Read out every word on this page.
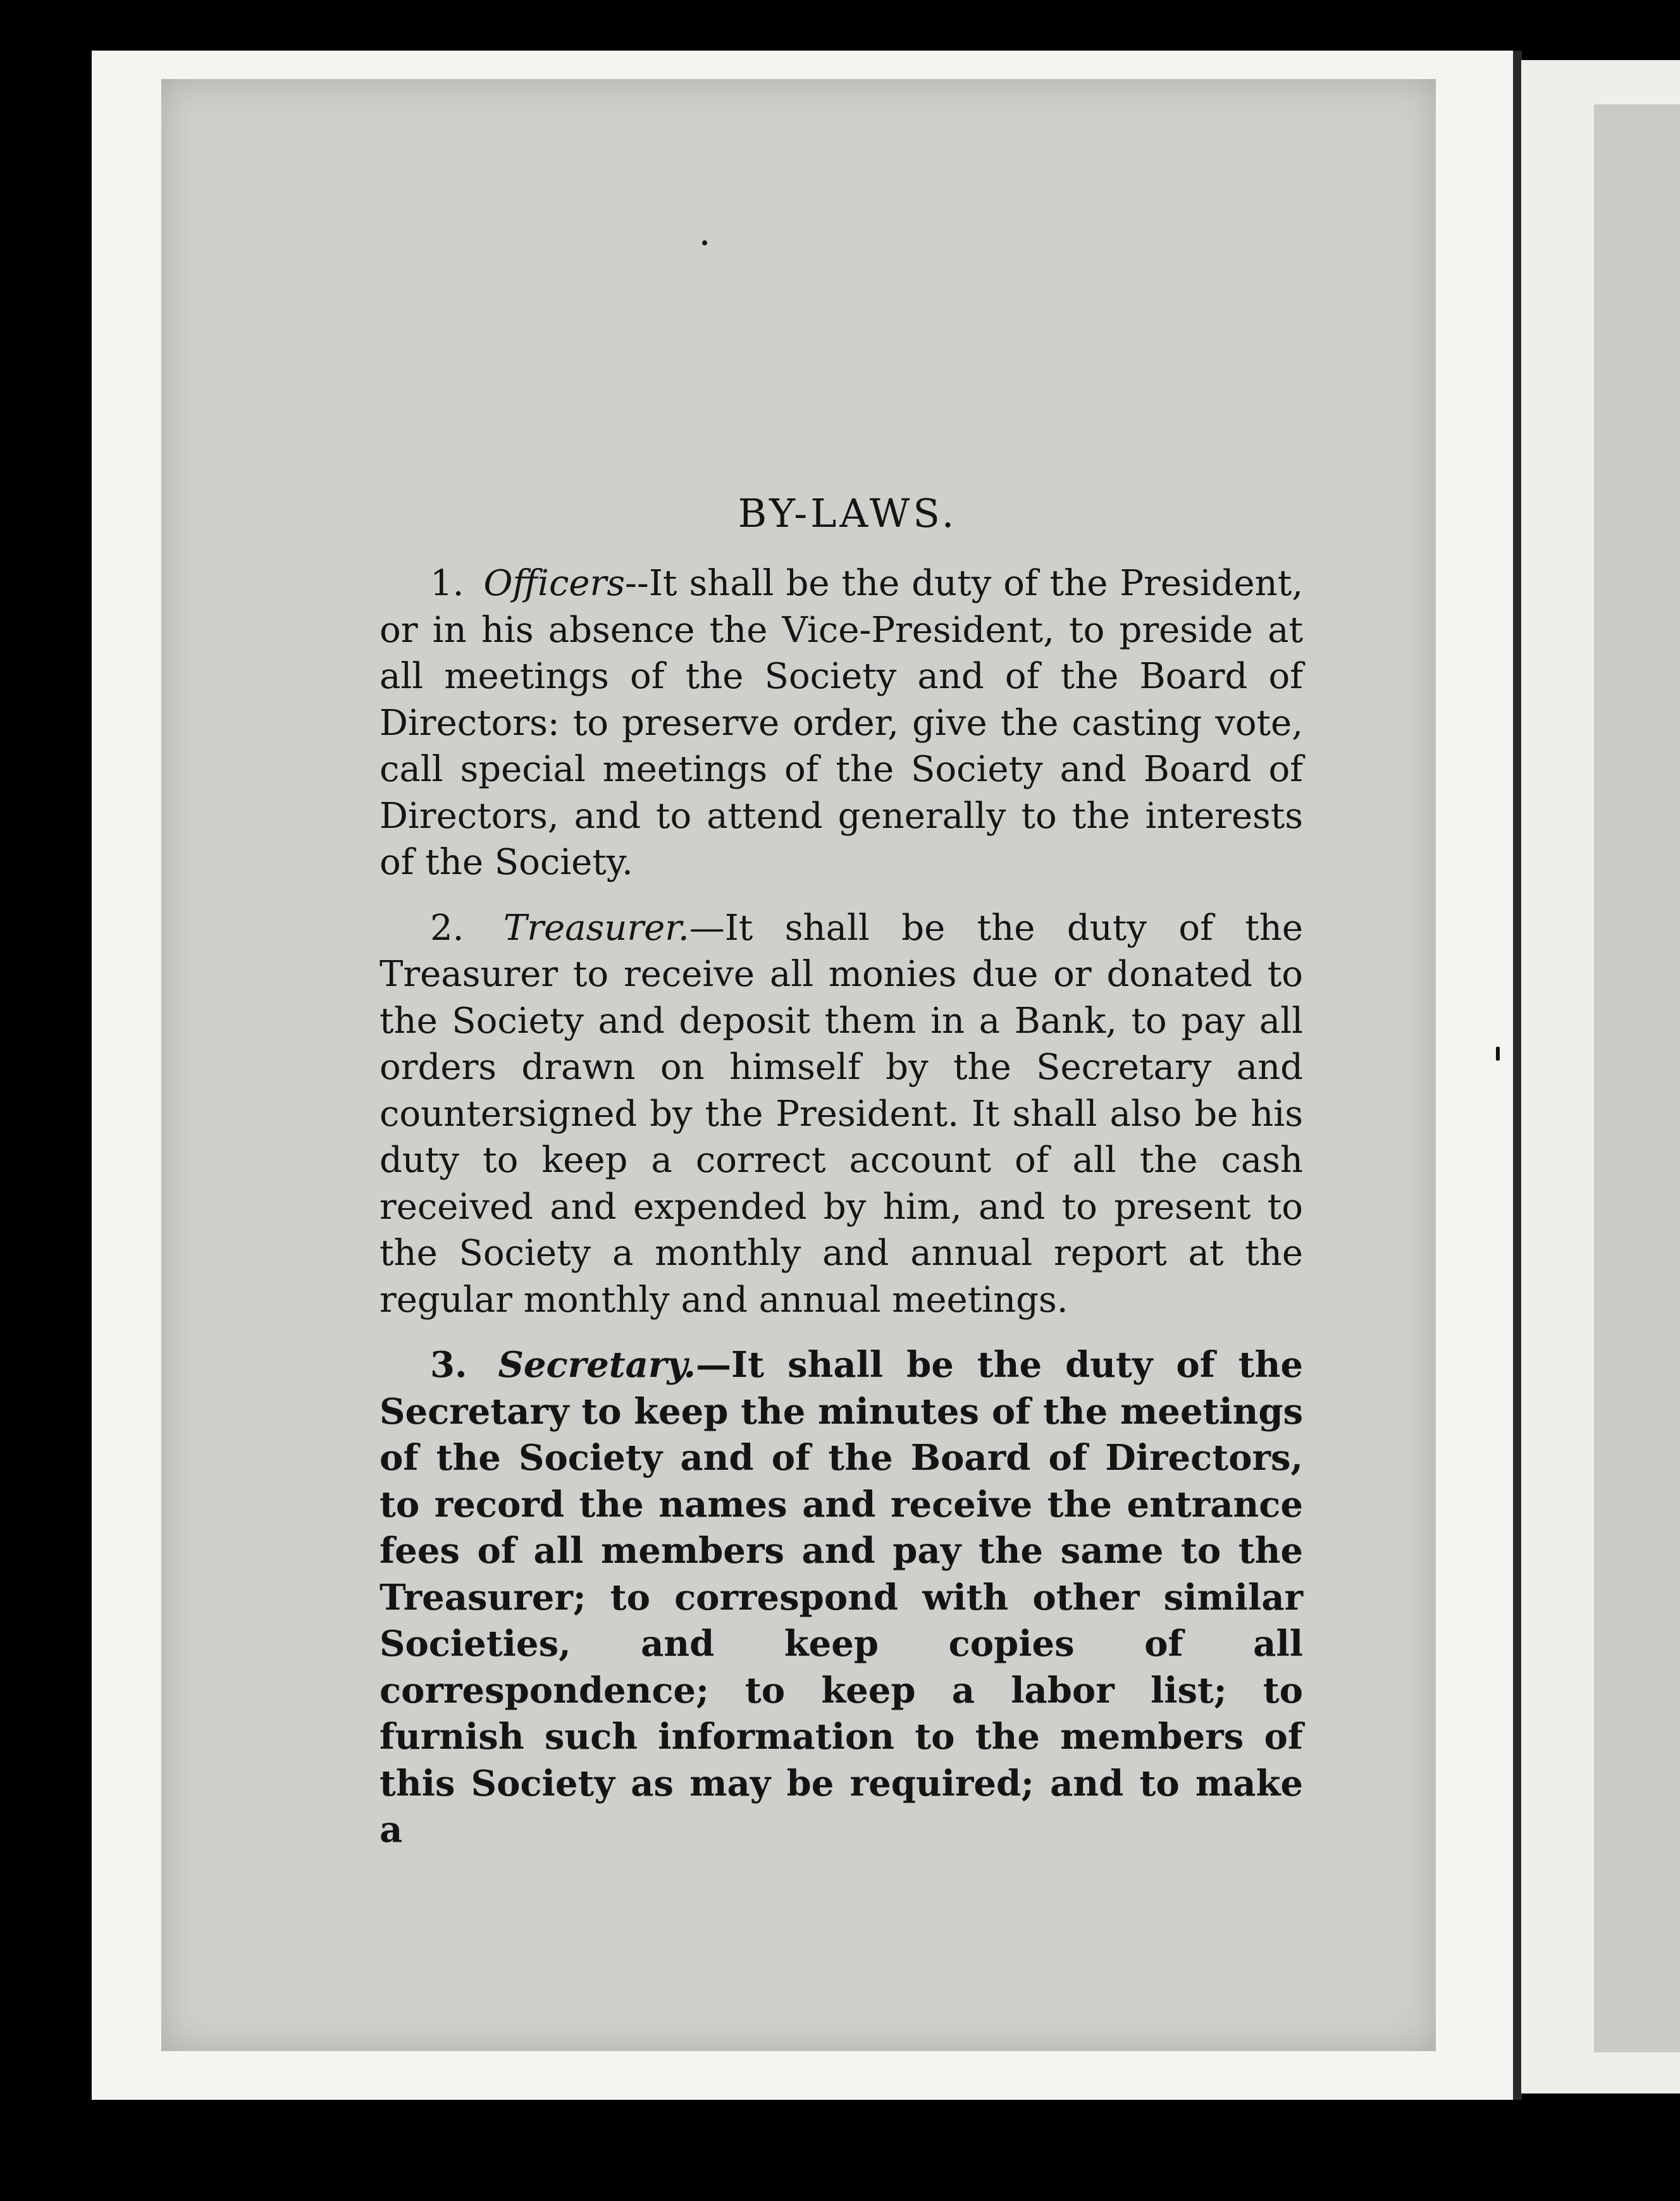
BY-LAWS.

1. Officers--It shall be the duty of the President, or in his absence the Vice-President, to preside at all meetings of the Society and of the Board of Directors: to preserve order, give the casting vote, call special meetings of the Society and Board of Directors, and to attend generally to the interests of the Society.

2. Treasurer.—It shall be the duty of the Treasurer to receive all monies due or donated to the Society and deposit them in a Bank, to pay all orders drawn on himself by the Secretary and countersigned by the President. It shall also be his duty to keep a correct account of all the cash received and expended by him, and to present to the Society a monthly and annual report at the regular monthly and annual meetings.

3. Secretary.—It shall be the duty of the Secretary to keep the minutes of the meetings of the Society and of the Board of Directors, to record the names and receive the entrance fees of all members and pay the same to the Treasurer; to correspond with other similar Societies, and keep copies of all correspondence; to keep a labor list; to furnish such information to the members of this Society as may be required; and to make a
